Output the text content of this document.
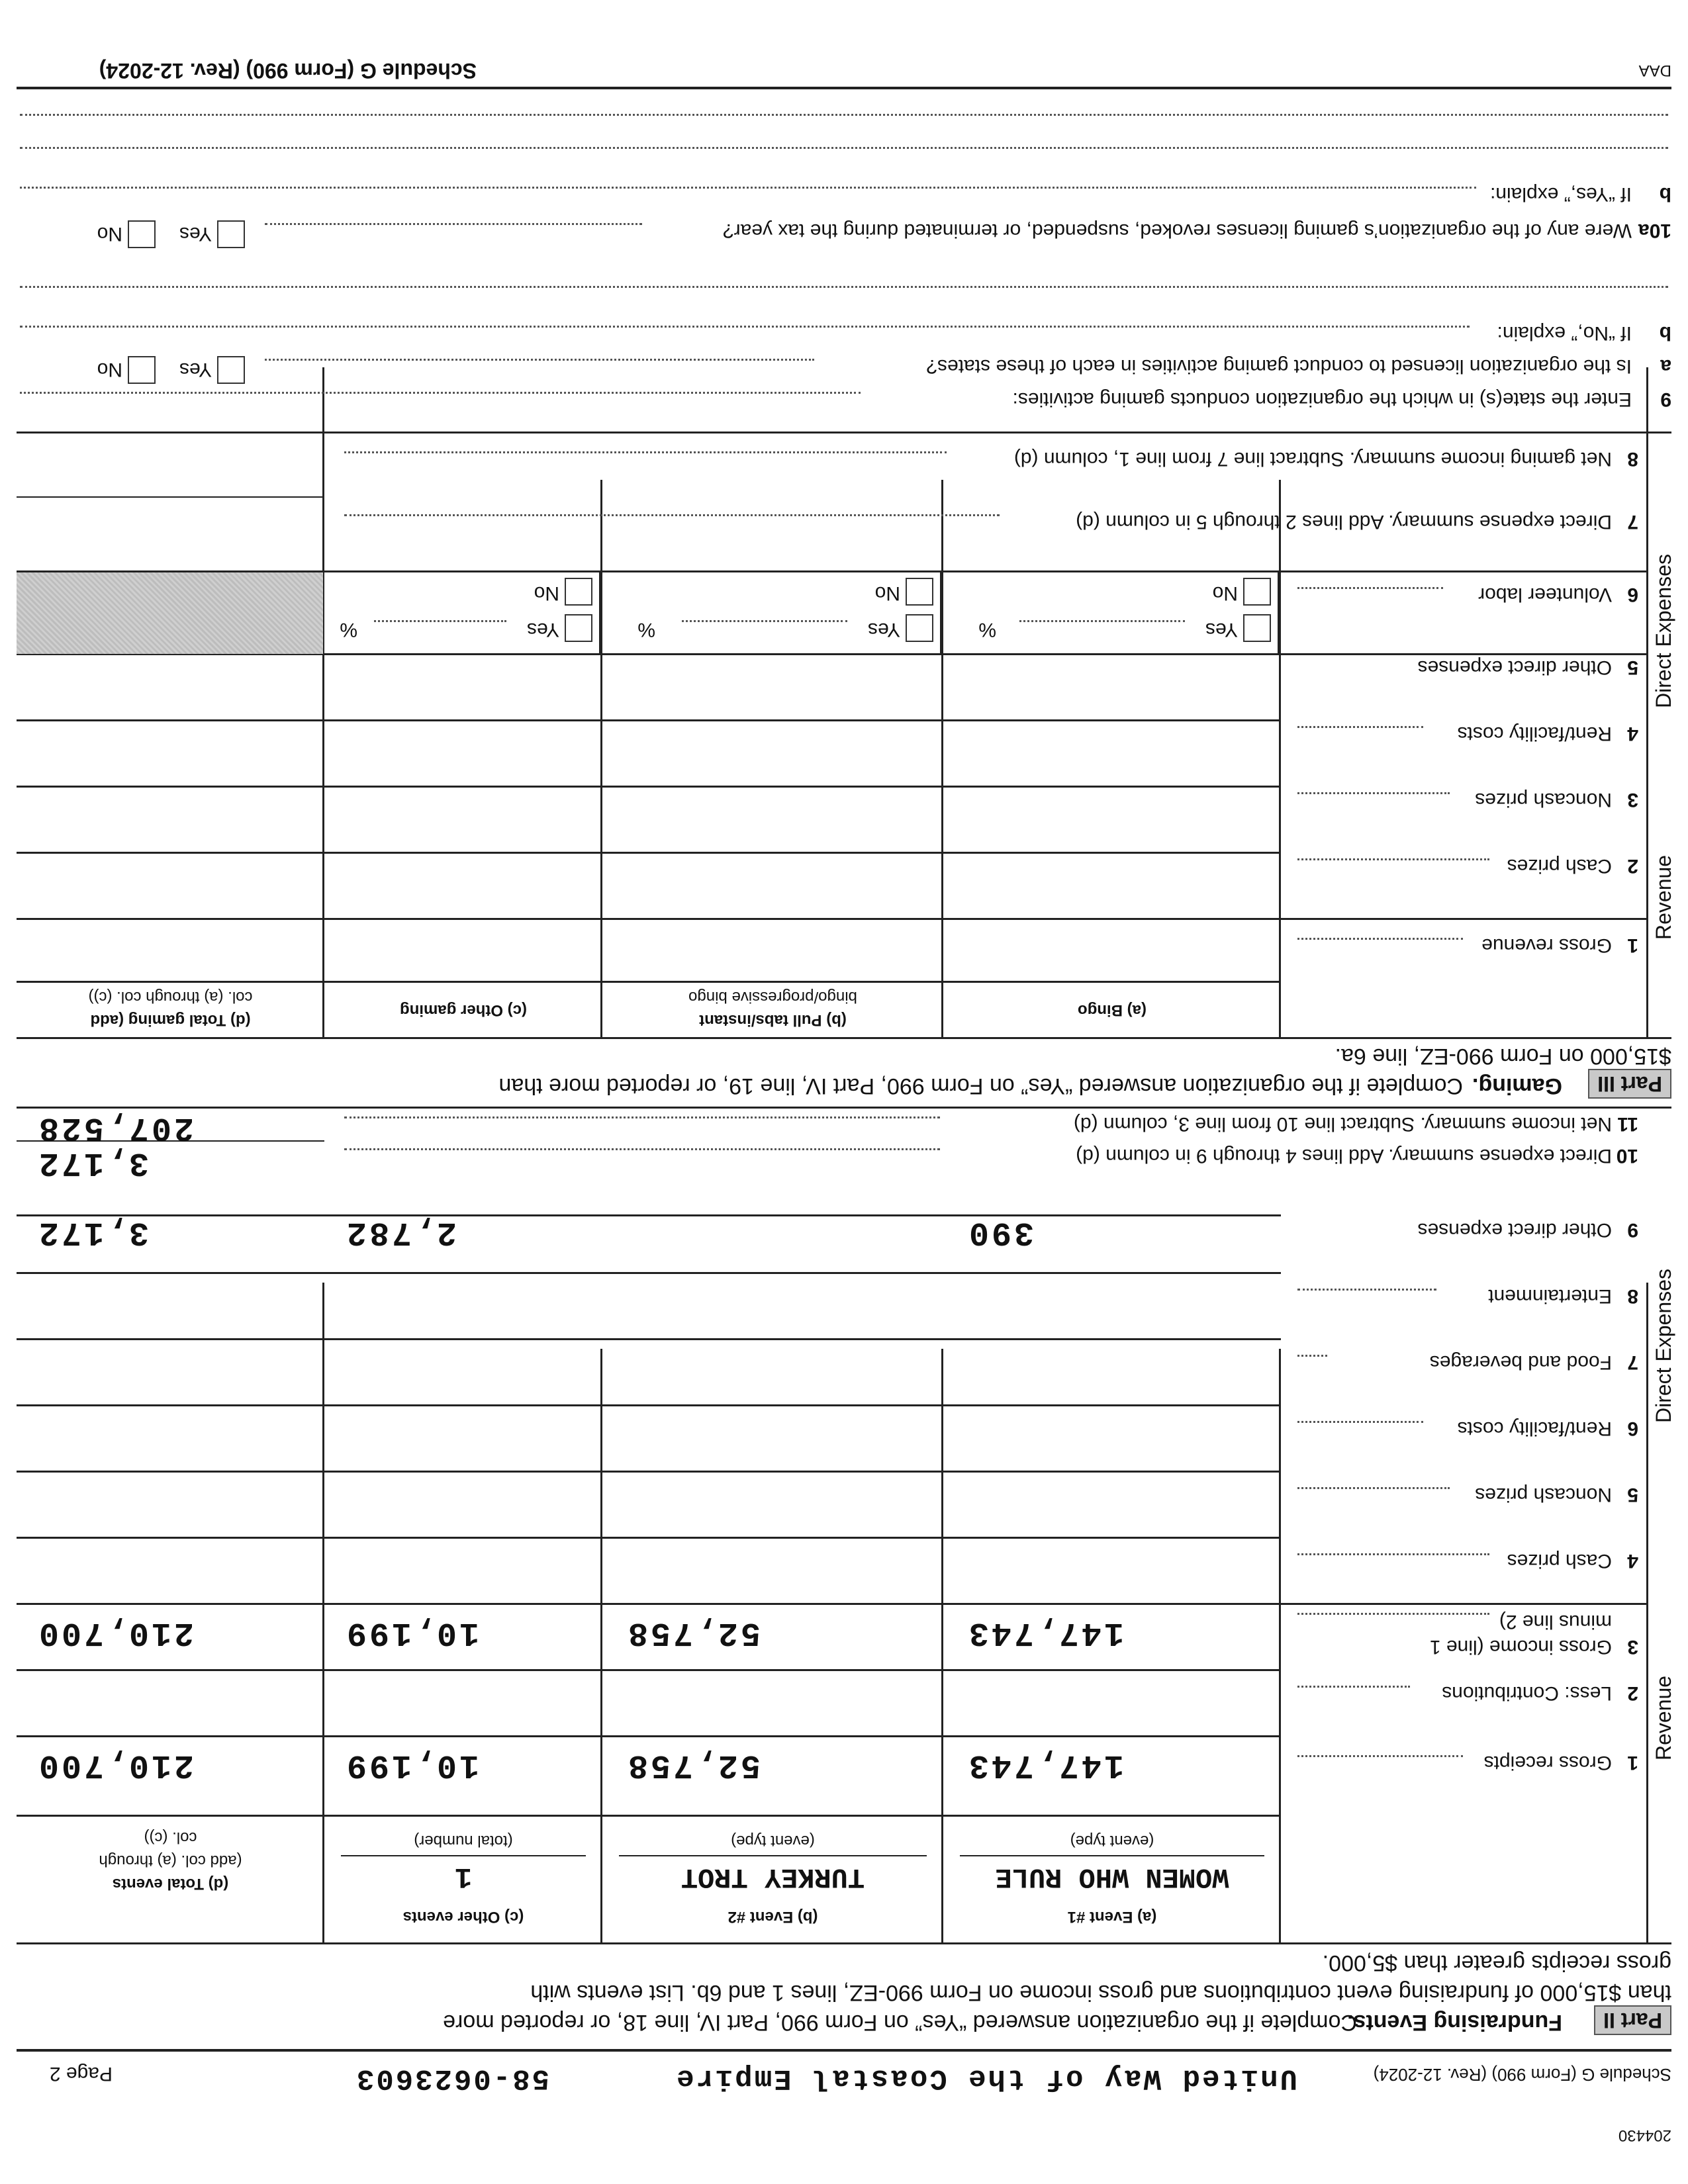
204430
Schedule G (Form 990) (Rev. 12-2024)
United Way of the Coastal Empire
58-0623603
Page 2
Part II
Fundraising Events.
Complete if the organization answered “Yes” on Form 990, Part IV, line 18, or reported more
than $15,000 of fundraising event contributions and gross income on Form 990-EZ, lines 1 and 6b. List events with
gross receipts greater than $5,000.
(a) Event #1
WOMEN WHO RULE
(event type)
(b) Event #2
TURKEY TROT
(event type)
(c) Other events
1
(total number)
(d) Total events
(add col. (a) through
col. (c))
Revenue
Direct Expenses
1
Gross receipts
147,743
52,758
10,199
210,700
2
Less: Contributions
3
Gross income (line 1
minus line 2)
147,743
52,758
10,199
210,700
4
Cash prizes
5
Noncash prizes
6
Rent/facility costs
7
Food and beverages
8
Entertainment
9
Other direct expenses
390
2,782
3,172
10
Direct expense summary. Add lines 4 through 9 in column (d)
3,172
11
Net income summary. Subtract line 10 from line 3, column (d)
207,528
Part III
Gaming.
Complete if the organization answered “Yes” on Form 990, Part IV, line 19, or reported more than
$15,000 on Form 990-EZ, line 6a.
(a) Bingo
(b) Pull tabs/instant
bingo/progressive bingo
(c) Other gaming
(d) Total gaming (add
col. (a) through col. (c))
Revenue
Direct Expenses
1
Gross revenue
2
Cash prizes
3
Noncash prizes
4
Rent/facility costs
5
Other direct expenses
6
Volunteer labor
Yes
%
No
Yes
%
No
Yes
%
No
7
Direct expense summary. Add lines 2 through 5 in column (d)
8
Net gaming income summary. Subtract line 7 from line 1, column (d)
9
Enter the state(s) in which the organization conducts gaming activities:
a
Is the organization licensed to conduct gaming activities in each of these states?
Yes
No
b
If “No,” explain:
10a
Were any of the organization’s gaming licenses revoked, suspended, or terminated during the tax year?
Yes
No
b
If “Yes,” explain:
DAA
Schedule G (Form 990) (Rev. 12-2024)
